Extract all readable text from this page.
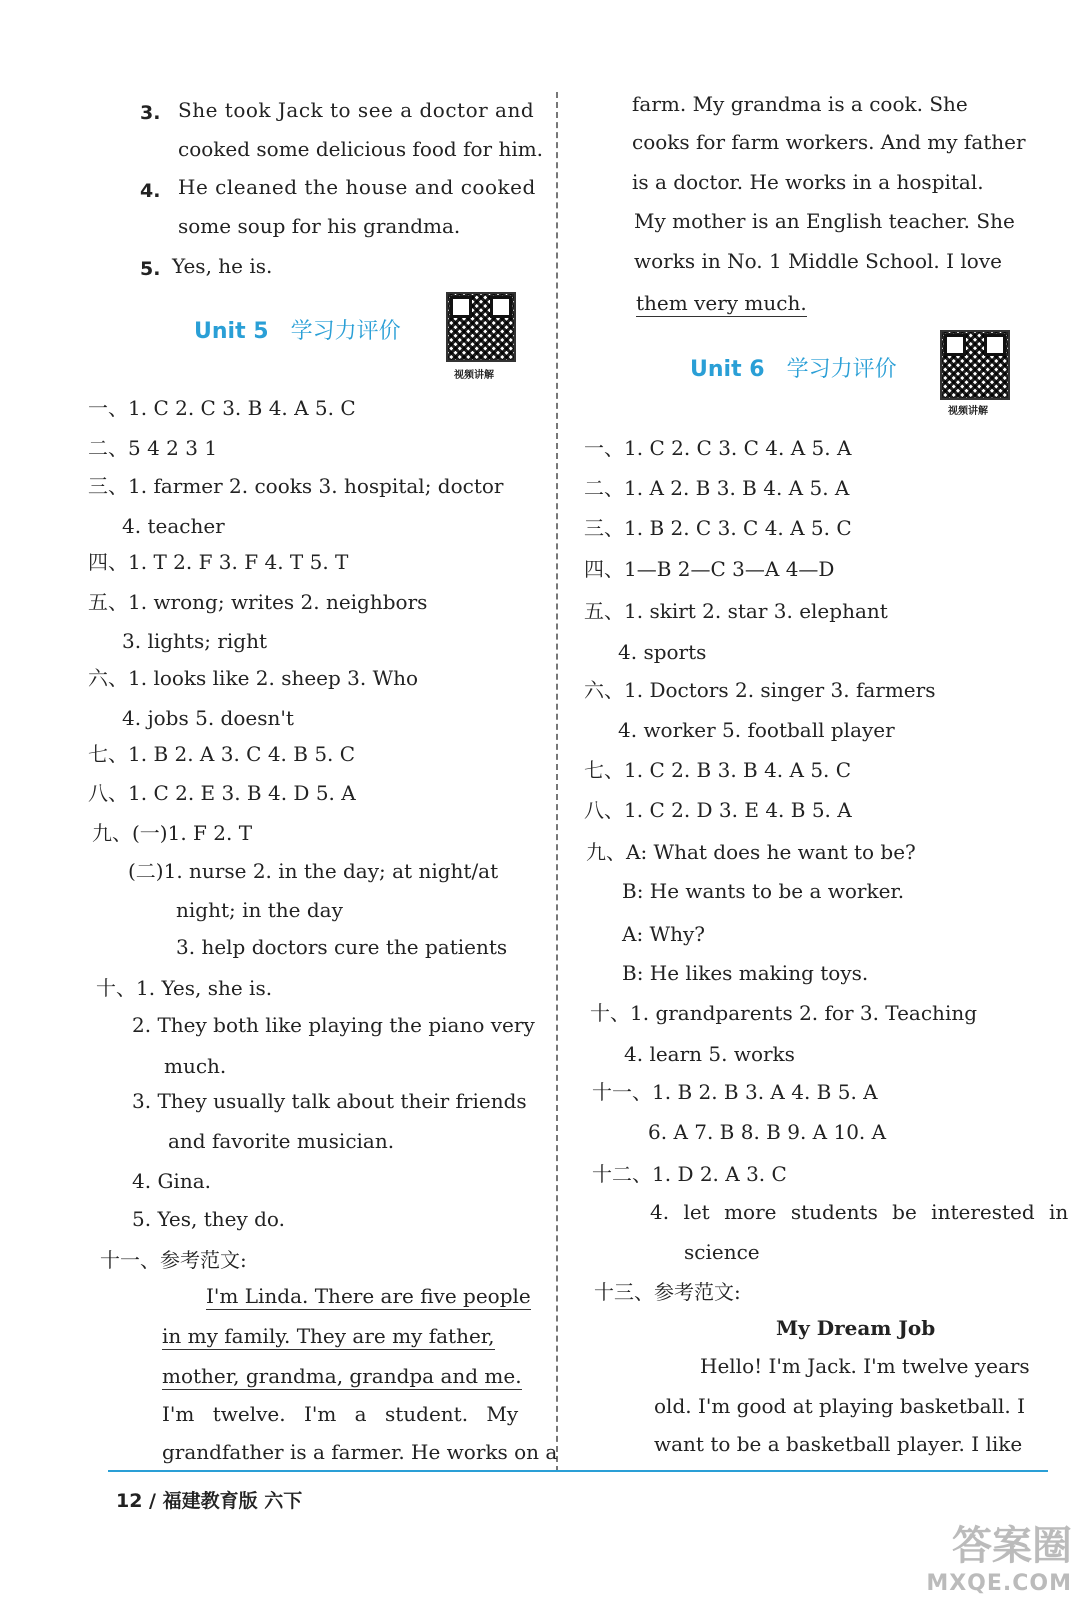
3. She took Jack to see a doctor and
cooked some delicious food for him.
4. He cleaned the house and cooked
some soup for his grandma.
5. Yes, he is.
Unit 5 学习力评价
视频讲解
一、1. C 2. C 3. B 4. A 5. C
二、5 4 2 3 1
三、1. farmer 2. cooks 3. hospital; doctor
4. teacher
四、1. T 2. F 3. F 4. T 5. T
五、1. wrong; writes 2. neighbors
3. lights; right
六、1. looks like 2. sheep 3. Who
4. jobs 5. doesn't
七、1. B 2. A 3. C 4. B 5. C
八、1. C 2. E 3. B 4. D 5. A
九、(一)1. F 2. T
(二)1. nurse 2. in the day; at night/at
night; in the day
3. help doctors cure the patients
十、1. Yes, she is.
2. They both like playing the piano very
much.
3. They usually talk about their friends
and favorite musician.
4. Gina.
5. Yes, they do.
十一、参考范文:
I'm Linda. There are five people
in my family. They are my father,
mother, grandma, grandpa and me.
I'm twelve. I'm a student. My
grandfather is a farmer. He works on a
farm. My grandma is a cook. She
cooks for farm workers. And my father
is a doctor. He works in a hospital.
My mother is an English teacher. She
works in No. 1 Middle School. I love
them very much.
Unit 6 学习力评价
视频讲解
一、1. C 2. C 3. C 4. A 5. A
二、1. A 2. B 3. B 4. A 5. A
三、1. B 2. C 3. C 4. A 5. C
四、1—B 2—C 3—A 4—D
五、1. skirt 2. star 3. elephant
4. sports
六、1. Doctors 2. singer 3. farmers
4. worker 5. football player
七、1. C 2. B 3. B 4. A 5. C
八、1. C 2. D 3. E 4. B 5. A
九、A: What does he want to be?
B: He wants to be a worker.
A: Why?
B: He likes making toys.
十、1. grandparents 2. for 3. Teaching
4. learn 5. works
十一、1. B 2. B 3. A 4. B 5. A
6. A 7. B 8. B 9. A 10. A
十二、1. D 2. A 3. C
4. let more students be interested in
science
十三、参考范文:
My Dream Job
Hello! I'm Jack. I'm twelve years
old. I'm good at playing basketball. I
want to be a basketball player. I like
12 / 福建教育版 六下
答案圈
MXQE.COM
